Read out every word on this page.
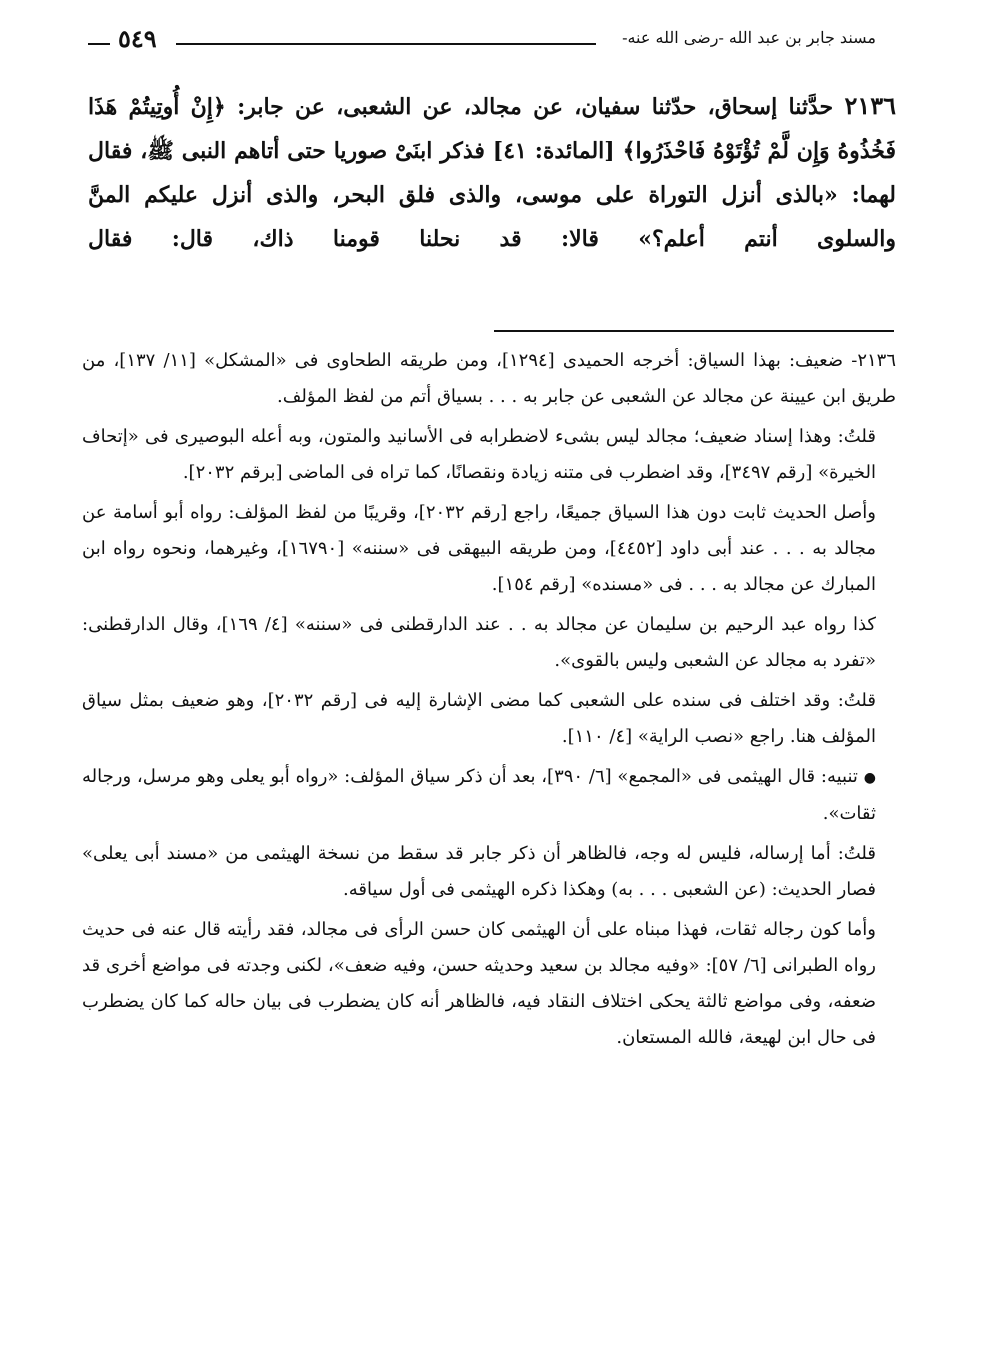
٥٤٩	مسند جابر بن عبد الله -رضى الله عنه-

٢١٣٦ حدَّثنا إسحاق، حدّثنا سفيان، عن مجالد، عن الشعبى، عن جابر: ﴿إِنْ أُوتِيتُمْ هَذَا فَخُذُوهُ وَإِن لَّمْ تُؤْتَوْهُ فَاحْذَرُوا﴾ [المائدة: ٤١] فذكر ابنَىْ صوريا حتى أتاهم النبى ﷺ، فقال لهما: «بالذى أنزل التوراة على موسى، والذى فلق البحر، والذى أنزل عليكم المنَّ والسلوى أنتم أعلم؟» قالا: قد نحلنا قومنا ذاك، قال: فقال

٢١٣٦- ضعيف: بهذا السياق: أخرجه الحميدى [١٢٩٤]، ومن طريقه الطحاوى فى «المشكل» [١١/ ١٣٧]، من طريق ابن عيينة عن مجالد عن الشعبى عن جابر به . . . بسياق أتم من لفظ المؤلف.

قلتُ: وهذا إسناد ضعيف؛ مجالد ليس بشىء لاضطرابه فى الأسانيد والمتون، وبه أعله البوصيرى فى «إتحاف الخيرة» [رقم ٣٤٩٧]، وقد اضطرب فى متنه زيادة ونقصانًا، كما تراه فى الماضى [برقم ٢٠٣٢].

وأصل الحديث ثابت دون هذا السياق جميعًا، راجع [رقم ٢٠٣٢]، وقريبًا من لفظ المؤلف: رواه أبو أسامة عن مجالد به . . . عند أبى داود [٤٤٥٢]، ومن طريقه البيهقى فى «سننه» [١٦٧٩٠]، وغيرهما، ونحوه رواه ابن المبارك عن مجالد به . . . فى «مسنده» [رقم ١٥٤].

كذا رواه عبد الرحيم بن سليمان عن مجالد به . . عند الدارقطنى فى «سننه» [٤/ ١٦٩]، وقال الدارقطنى: «تفرد به مجالد عن الشعبى وليس بالقوى».

قلتُ: وقد اختلف فى سنده على الشعبى كما مضى الإشارة إليه فى [رقم ٢٠٣٢]، وهو ضعيف بمثل سياق المؤلف هنا. راجع «نصب الراية» [٤/ ١١٠].

● تنبيه: قال الهيثمى فى «المجمع» [٦/ ٣٩٠]، بعد أن ذكر سياق المؤلف: «رواه أبو يعلى وهو مرسل، ورجاله ثقات».

قلتُ: أما إرساله، فليس له وجه، فالظاهر أن ذكر جابر قد سقط من نسخة الهيثمى من «مسند أبى يعلى» فصار الحديث: (عن الشعبى . . . به) وهكذا ذكره الهيثمى فى أول سياقه.

وأما كون رجاله ثقات، فهذا مبناه على أن الهيثمى كان حسن الرأى فى مجالد، فقد رأيته قال عنه فى حديث رواه الطبرانى [٦/ ٥٧]: «وفيه مجالد بن سعيد وحديثه حسن، وفيه ضعف»، لكنى وجدته فى مواضع أخرى قد ضعفه، وفى مواضع ثالثة يحكى اختلاف النقاد فيه، فالظاهر أنه كان يضطرب فى بيان حاله كما كان يضطرب فى حال ابن لهيعة، فالله المستعان.
